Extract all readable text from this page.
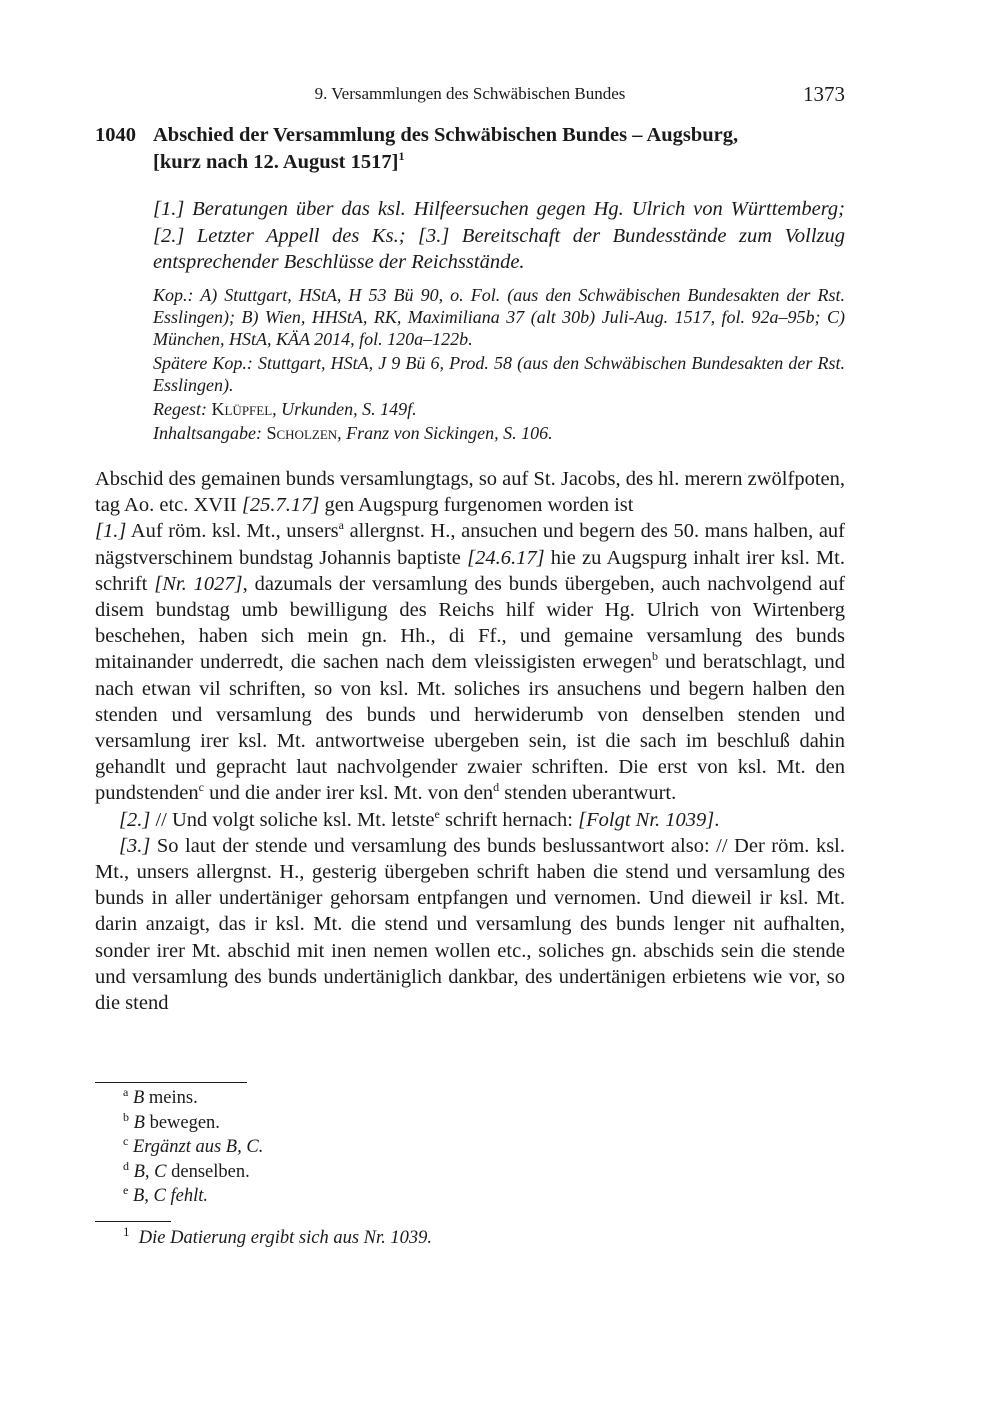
9. Versammlungen des Schwäbischen Bundes	1373
1040 Abschied der Versammlung des Schwäbischen Bundes – Augsburg,
[kurz nach 12. August 1517]$^1$
[1.] Beratungen über das ksl. Hilfeersuchen gegen Hg. Ulrich von Württemberg; [2.] Letzter Appell des Ks.; [3.] Bereitschaft der Bundesstände zum Vollzug entsprechender Beschlüsse der Reichsstände.

Kop.: A) Stuttgart, HStA, H 53 Bü 90, o. Fol. (aus den Schwäbischen Bundesakten der Rst. Esslingen); B) Wien, HHStA, RK, Maximiliana 37 (alt 30b) Juli-Aug. 1517, fol. 92a–95b; C) München, HStA, KÄA 2014, fol. 120a–122b.

Spätere Kop.: Stuttgart, HStA, J 9 Bü 6, Prod. 58 (aus den Schwäbischen Bundesakten der Rst. Esslingen).

Regest: Klüpfel, Urkunden, S. 149f.

Inhaltsangabe: Scholzen, Franz von Sickingen, S. 106.

Abschid des gemainen bunds versamlungtags, so auf St. Jacobs, des hl. merern zwölfpoten, tag Ao. etc. XVII [25.7.17] gen Augspurg furgenomen worden ist

[1.] Auf röm. ksl. Mt., unsers$^a$ allergnst. H., ansuchen und begern des 50. mans halben, auf nägstverschinem bundstag Johannis baptiste [24.6.17] hie zu Augspurg inhalt irer ksl. Mt. schrift [Nr. 1027], dazumals der versamlung des bunds übergeben, auch nachvolgend auf disem bundstag umb bewilligung des Reichs hilf wider Hg. Ulrich von Wirtenberg beschehen, haben sich mein gn. Hh., di Ff., und gemaine versamlung des bunds mitainander underredt, die sachen nach dem vleissigisten erwegen$^b$ und beratschlagt, und nach etwan vil schriften, so von ksl. Mt. soliches irs ansuchens und begern halben den stenden und versamlung des bunds und herwiderumb von denselben stenden und versamlung irer ksl. Mt. antwortweise ubergeben sein, ist die sach im beschluß dahin gehandlt und gepracht laut nachvolgender zwaier schriften. Die erst von ksl. Mt. den pundstenden$^c$ und die ander irer ksl. Mt. von den$^d$ stenden uberantwurt.

[2.] // Und volgt soliche ksl. Mt. letste$^e$ schrift hernach: [Folgt Nr. 1039].

[3.] So laut der stende und versamlung des bunds beslussantwort also: // Der röm. ksl. Mt., unsers allergnst. H., gesterig übergeben schrift haben die stend und versamlung des bunds in aller undertäniger gehorsam entpfangen und vernomen. Und dieweil ir ksl. Mt. darin anzaigt, das ir ksl. Mt. die stend und versamlung des bunds lenger nit aufhalten, sonder irer Mt. abschid mit inen nemen wollen etc., soliches gn. abschids sein die stende und versamlung des bunds undertäniglich dankbar, des undertänigen erbietens wie vor, so die stend

$^a$ B meins.
$^b$ B bewegen.
$^c$ Ergänzt aus B, C.
$^d$ B, C denselben.
$^e$ B, C fehlt.
$^1$ Die Datierung ergibt sich aus Nr. 1039.
